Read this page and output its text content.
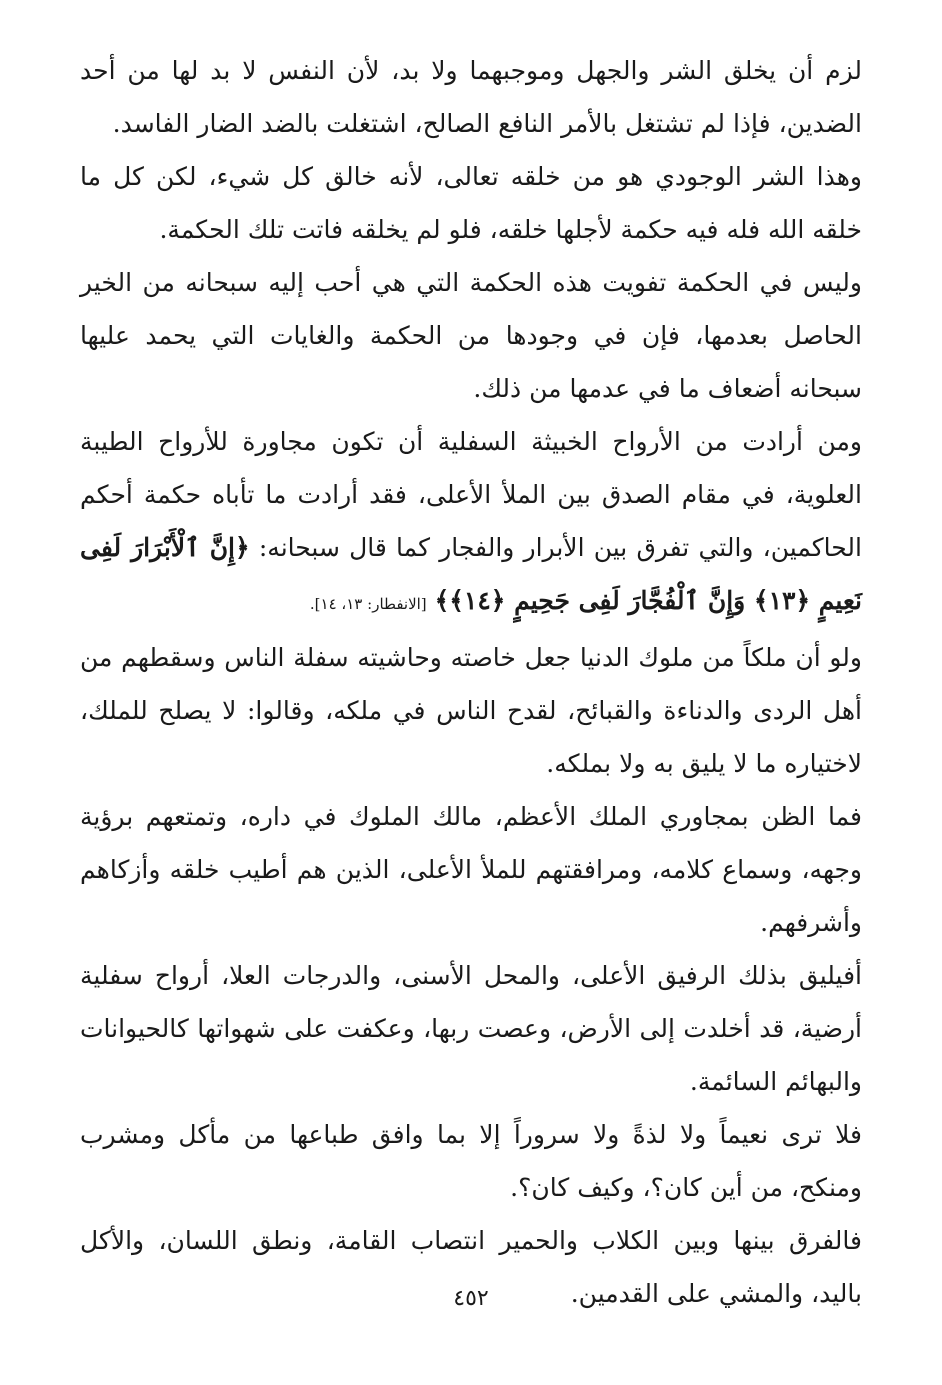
لزم أن يخلق الشر والجهل وموجبهما ولا بد، لأن النفس لا بد لها من أحد الضدين، فإذا لم تشتغل بالأمر النافع الصالح، اشتغلت بالضد الضار الفاسد.

وهذا الشر الوجودي هو من خلقه تعالى، لأنه خالق كل شيء، لكن كل ما خلقه الله فله فيه حكمة لأجلها خلقه، فلو لم يخلقه فاتت تلك الحكمة.

وليس في الحكمة تفويت هذه الحكمة التي هي أحب إليه سبحانه من الخير الحاصل بعدمها، فإن في وجودها من الحكمة والغايات التي يحمد عليها سبحانه أضعاف ما في عدمها من ذلك.

ومن أرادت من الأرواح الخبيثة السفلية أن تكون مجاورة للأرواح الطيبة العلوية، في مقام الصدق بين الملأ الأعلى، فقد أرادت ما تأباه حكمة أحكم الحاكمين، والتي تفرق بين الأبرار والفجار كما قال سبحانه: ﴿إِنَّ ٱلْأَبْرَارَ لَفِى نَعِيمٍ ﴿١٣﴾ وَإِنَّ ٱلْفُجَّارَ لَفِى جَحِيمٍ ﴿١٤﴾﴾ [الانفطار: ١٣، ١٤].

ولو أن ملكاً من ملوك الدنيا جعل خاصته وحاشيته سفلة الناس وسقطهم من أهل الردى والدناءة والقبائح، لقدح الناس في ملكه، وقالوا: لا يصلح للملك، لاختياره ما لا يليق به ولا بملكه.

فما الظن بمجاوري الملك الأعظم، مالك الملوك في داره، وتمتعهم برؤية وجهه، وسماع كلامه، ومرافقتهم للملأ الأعلى، الذين هم أطيب خلقه وأزكاهم وأشرفهم.

أفيليق بذلك الرفيق الأعلى، والمحل الأسنى، والدرجات العلا، أرواح سفلية أرضية، قد أخلدت إلى الأرض، وعصت ربها، وعكفت على شهواتها كالحيوانات والبهائم السائمة.

فلا ترى نعيماً ولا لذةً ولا سروراً إلا بما وافق طباعها من مأكل ومشرب ومنكح، من أين كان؟، وكيف كان؟.

فالفرق بينها وبين الكلاب والحمير انتصاب القامة، ونطق اللسان، والأكل باليد، والمشي على القدمين.

٤٥٢
